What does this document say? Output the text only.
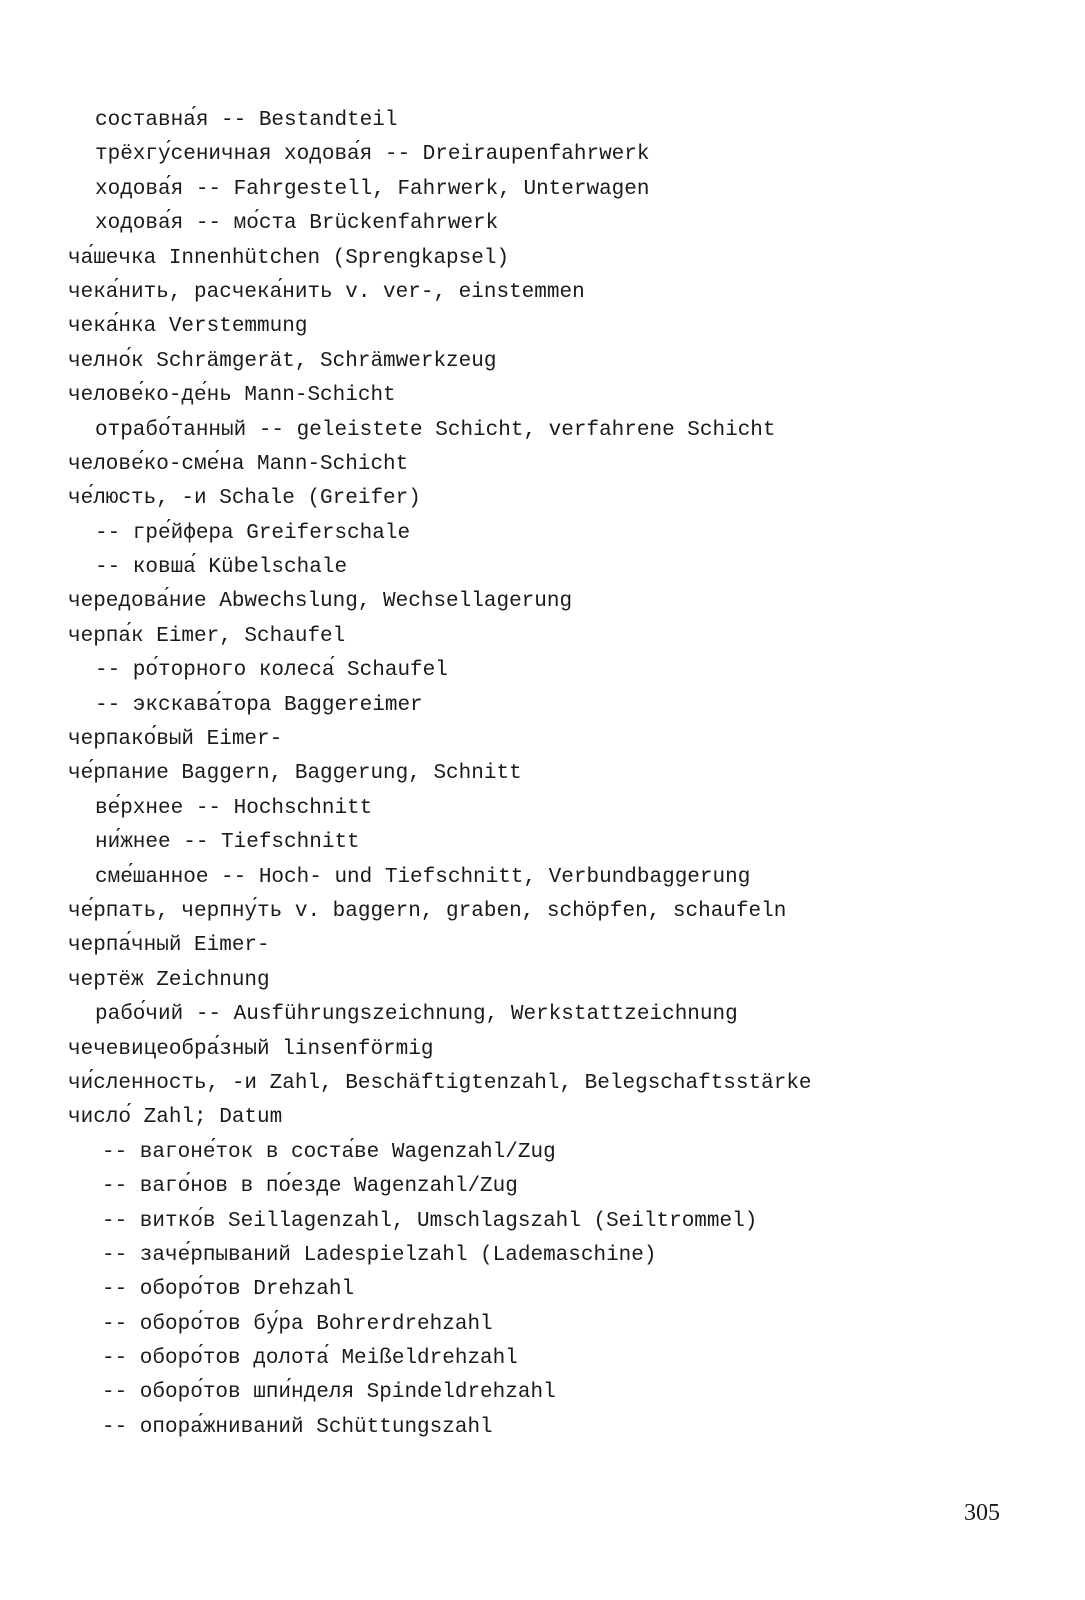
составна́я -- Bestandteil
трёхгу́сеничная ходова́я -- Dreiraupenfahrwerk
ходова́я -- Fahrgestell, Fahrwerk, Unterwagen
ходова́я -- мо́ста Brückenfahrwerk
ча́шечка Innenhütchen (Sprengkapsel)
чека́нить, расчека́нить v. ver-, einstemmen
чека́нка Verstemmung
челно́к Schrämgerät, Schrämwerkzeug
челове́ко-де́нь Mann-Schicht
отрабо́танный -- geleistete Schicht, verfahrene Schicht
челове́ко-сме́на Mann-Schicht
че́люсть, -и Schale (Greifer)
-- гре́йфера Greiferschale
-- ковша́ Kübelschale
чередова́ние Abwechslung, Wechsellagerung
черпа́к Eimer, Schaufel
-- ро́торного колеса́ Schaufel
-- экскава́тора Baggereimer
черпако́вый Eimer-
че́рпание Baggern, Baggerung, Schnitt
ве́рхнее -- Hochschnitt
ни́жнее -- Tiefschnitt
сме́шанное -- Hoch- und Tiefschnitt, Verbundbaggerung
че́рпать, черпну́ть v. baggern, graben, schöpfen, schaufeln
черпа́чный Eimer-
чертёж Zeichnung
рабо́чий -- Ausführungszeichnung, Werkstattzeichnung
чечевицеобра́зный linsenförmig
чи́сленность, -и Zahl, Beschäftigtenzahl, Belegschaftsstärke
число́ Zahl; Datum
-- вагоне́ток в соста́ве Wagenzahl/Zug
-- ваго́нов в по́езде Wagenzahl/Zug
-- витко́в Seillagenzahl, Umschlagszahl (Seiltrommel)
-- заче́рпываний Ladespielzahl (Lademaschine)
-- оборо́тов Drehzahl
-- оборо́тов бу́ра Bohrerdrehzahl
-- оборо́тов долота́ Meißeldrehzahl
-- оборо́тов шпи́нделя Spindeldrehzahl
-- опора́жниваний Schüttungszahl
305
